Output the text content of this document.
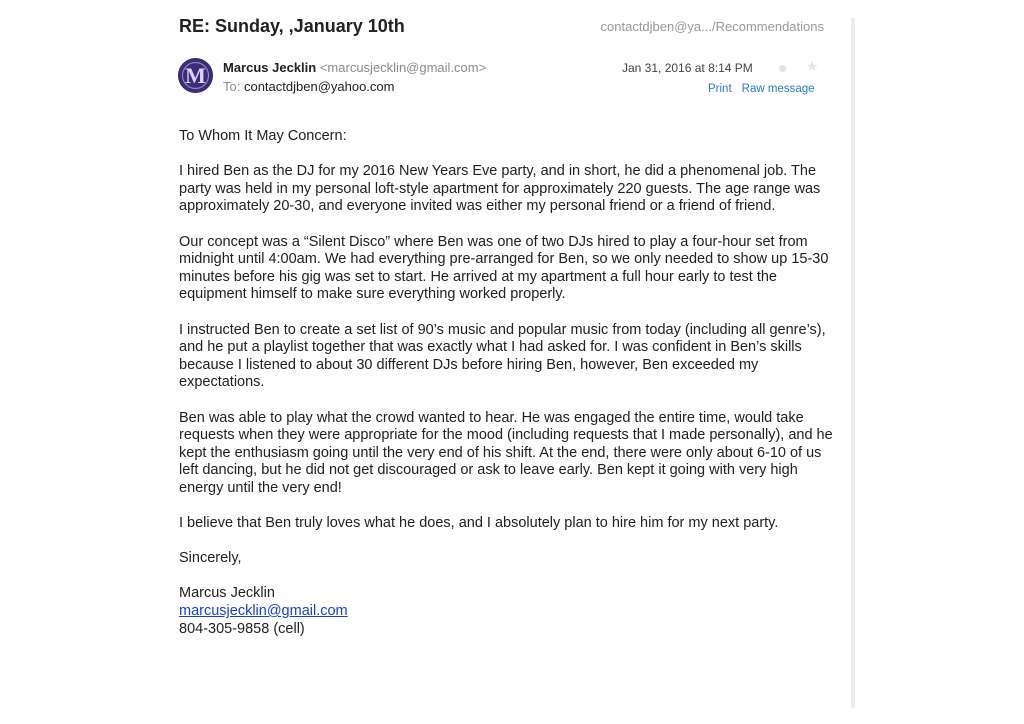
RE: Sunday, ,January 10th	contactdjben@ya.../Recommendations
M Marcus Jecklin <marcusjecklin@gmail.com>
To: contactdjben@yahoo.com
Jan 31, 2016 at 8:14 PM	★
Print Raw message

To Whom It May Concern:

I hired Ben as the DJ for my 2016 New Years Eve party, and in short, he did a phenomenal job. The party was held in my personal loft-style apartment for approximately 220 guests. The age range was approximately 20-30, and everyone invited was either my personal friend or a friend of friend.

Our concept was a “Silent Disco” where Ben was one of two DJs hired to play a four-hour set from midnight until 4:00am. We had everything pre-arranged for Ben, so we only needed to show up 15-30 minutes before his gig was set to start. He arrived at my apartment a full hour early to test the equipment himself to make sure everything worked properly.

I instructed Ben to create a set list of 90’s music and popular music from today (including all genre’s), and he put a playlist together that was exactly what I had asked for. I was confident in Ben’s skills because I listened to about 30 different DJs before hiring Ben, however, Ben exceeded my expectations.

Ben was able to play what the crowd wanted to hear. He was engaged the entire time, would take requests when they were appropriate for the mood (including requests that I made personally), and he kept the enthusiasm going until the very end of his shift. At the end, there were only about 6-10 of us left dancing, but he did not get discouraged or ask to leave early. Ben kept it going with very high energy until the very end!

I believe that Ben truly loves what he does, and I absolutely plan to hire him for my next party.

Sincerely,

Marcus Jecklin

marcusjecklin@gmail.com

804-305-9858 (cell)
